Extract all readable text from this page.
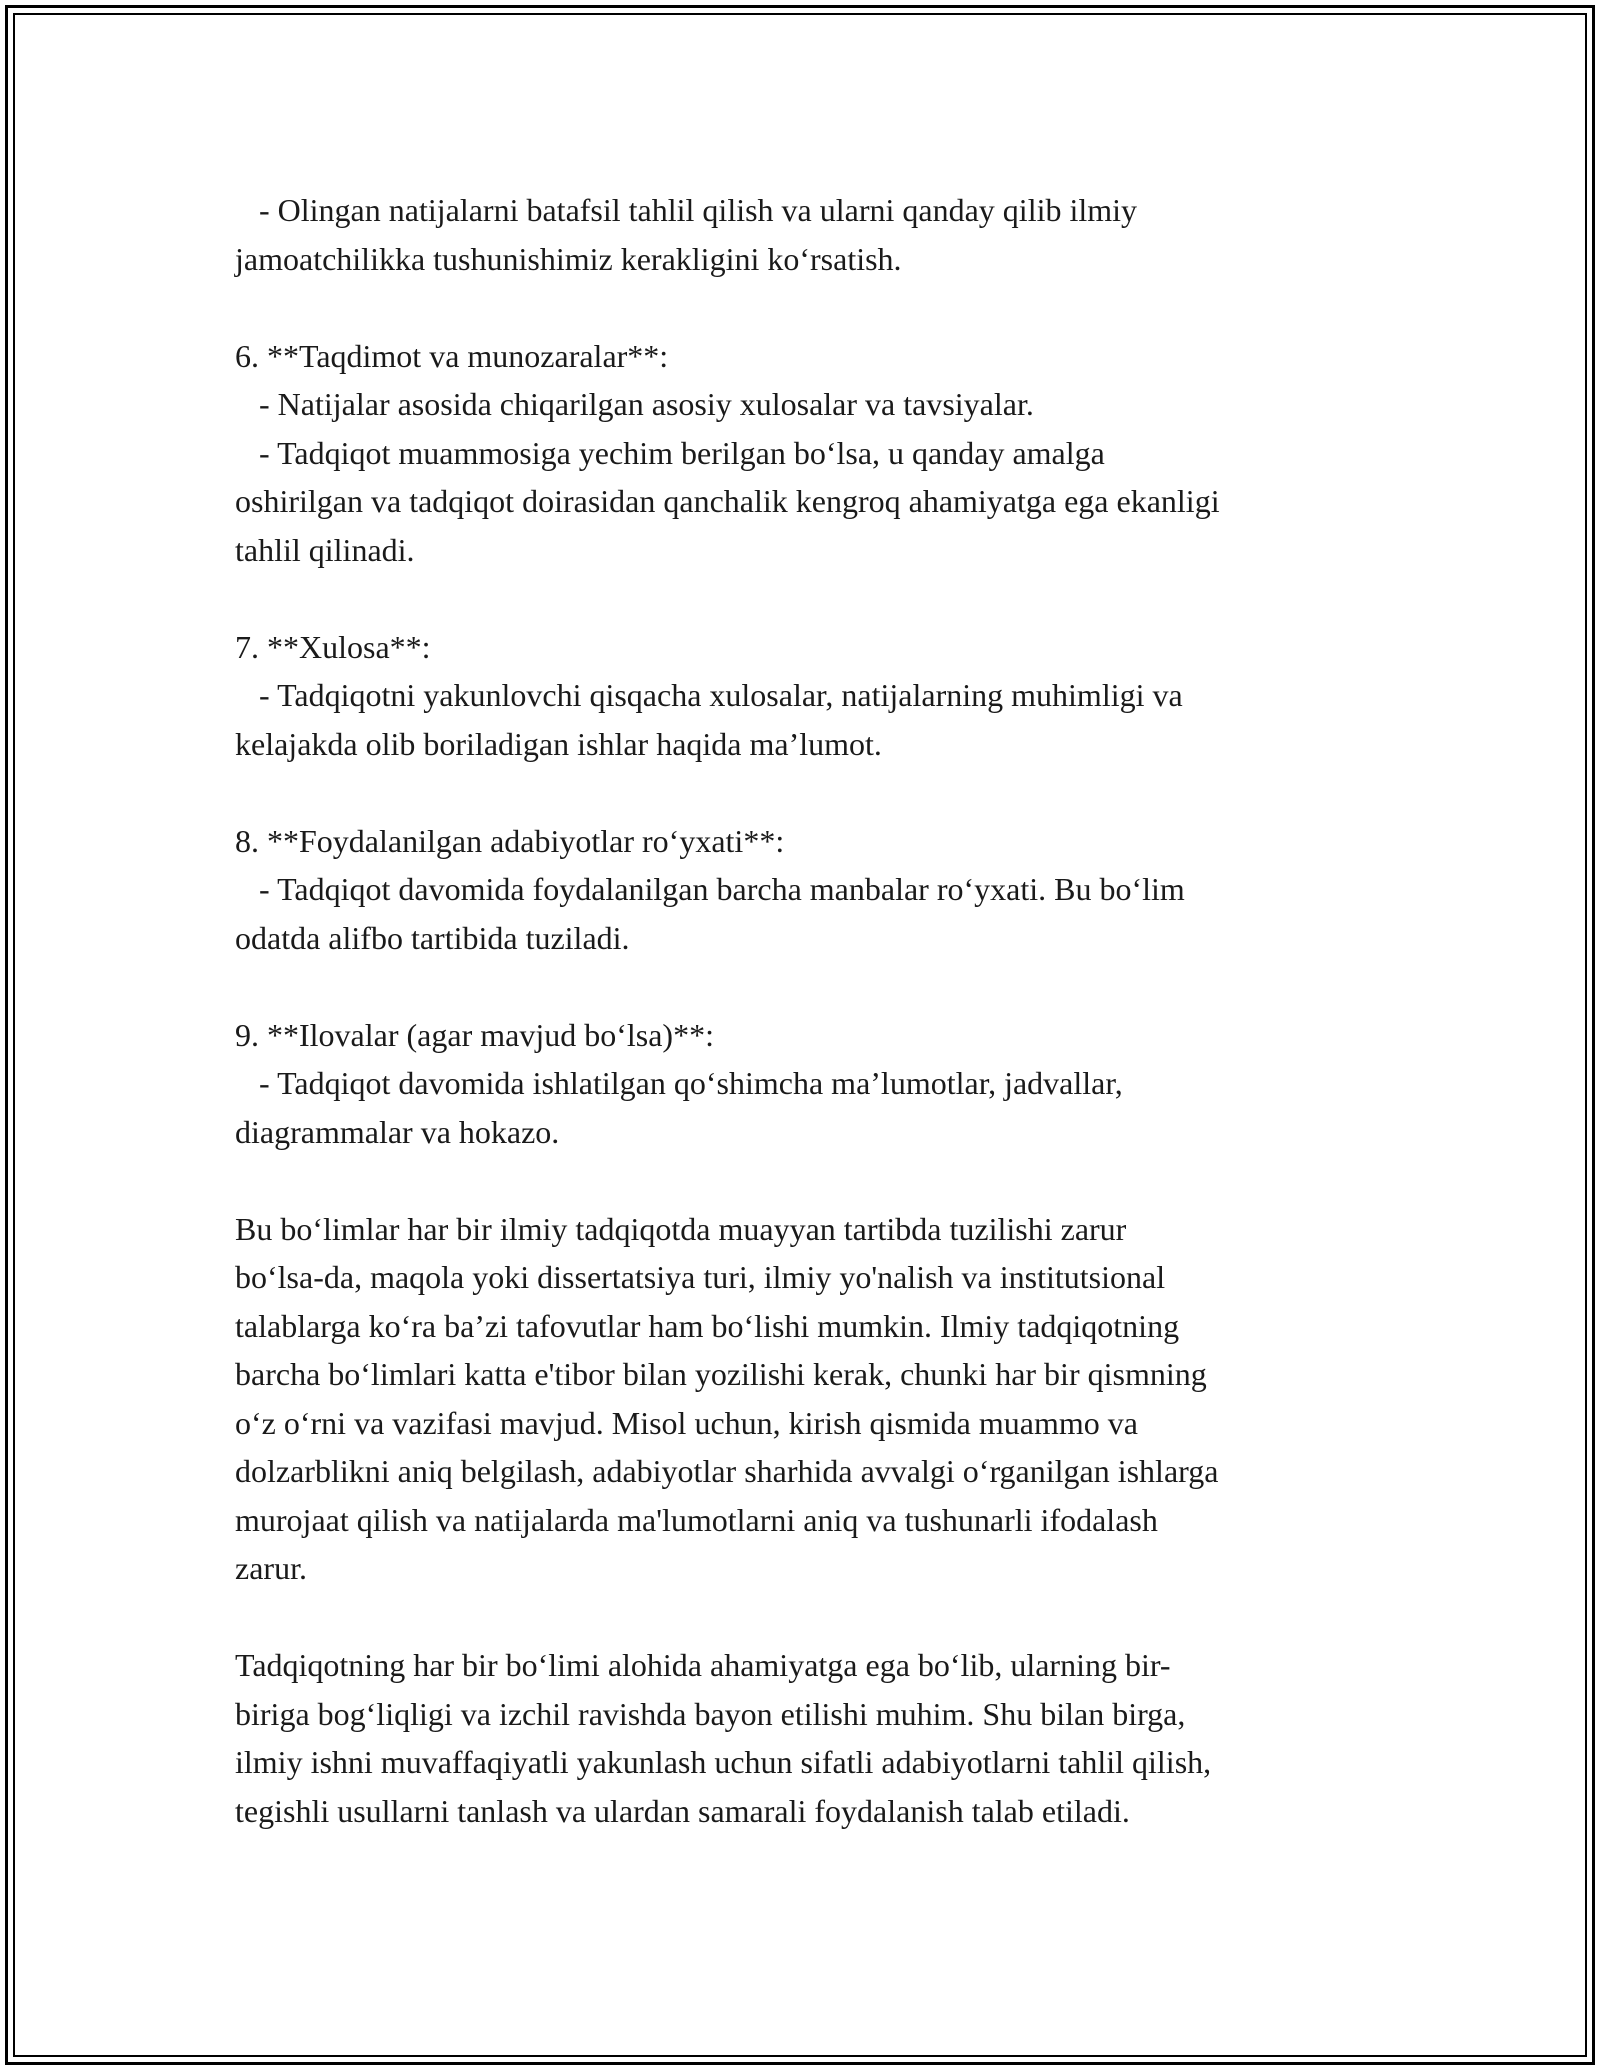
- Olingan natijalarni batafsil tahlil qilish va ularni qanday qilib ilmiy
jamoatchilikka tushunishimiz kerakligini ko‘rsatish.

6. **Taqdimot va munozaralar**:
- Natijalar asosida chiqarilgan asosiy xulosalar va tavsiyalar.
- Tadqiqot muammosiga yechim berilgan bo‘lsa, u qanday amalga
oshirilgan va tadqiqot doirasidan qanchalik kengroq ahamiyatga ega ekanligi
tahlil qilinadi.

7. **Xulosa**:
- Tadqiqotni yakunlovchi qisqacha xulosalar, natijalarning muhimligi va
kelajakda olib boriladigan ishlar haqida ma’lumot.

8. **Foydalanilgan adabiyotlar ro‘yxati**:
- Tadqiqot davomida foydalanilgan barcha manbalar ro‘yxati. Bu bo‘lim
odatda alifbo tartibida tuziladi.

9. **Ilovalar (agar mavjud bo‘lsa)**:
- Tadqiqot davomida ishlatilgan qo‘shimcha ma’lumotlar, jadvallar,
diagrammalar va hokazo.

Bu bo‘limlar har bir ilmiy tadqiqotda muayyan tartibda tuzilishi zarur
bo‘lsa-da, maqola yoki dissertatsiya turi, ilmiy yo'nalish va institutsional
talablarga ko‘ra ba’zi tafovutlar ham bo‘lishi mumkin. Ilmiy tadqiqotning
barcha bo‘limlari katta e'tibor bilan yozilishi kerak, chunki har bir qismning
o‘z o‘rni va vazifasi mavjud. Misol uchun, kirish qismida muammo va
dolzarblikni aniq belgilash, adabiyotlar sharhida avvalgi o‘rganilgan ishlarga
murojaat qilish va natijalarda ma'lumotlarni aniq va tushunarli ifodalash
zarur.

Tadqiqotning har bir bo‘limi alohida ahamiyatga ega bo‘lib, ularning bir-
biriga bog‘liqligi va izchil ravishda bayon etilishi muhim. Shu bilan birga,
ilmiy ishni muvaffaqiyatli yakunlash uchun sifatli adabiyotlarni tahlil qilish,
tegishli usullarni tanlash va ulardan samarali foydalanish talab etiladi.
